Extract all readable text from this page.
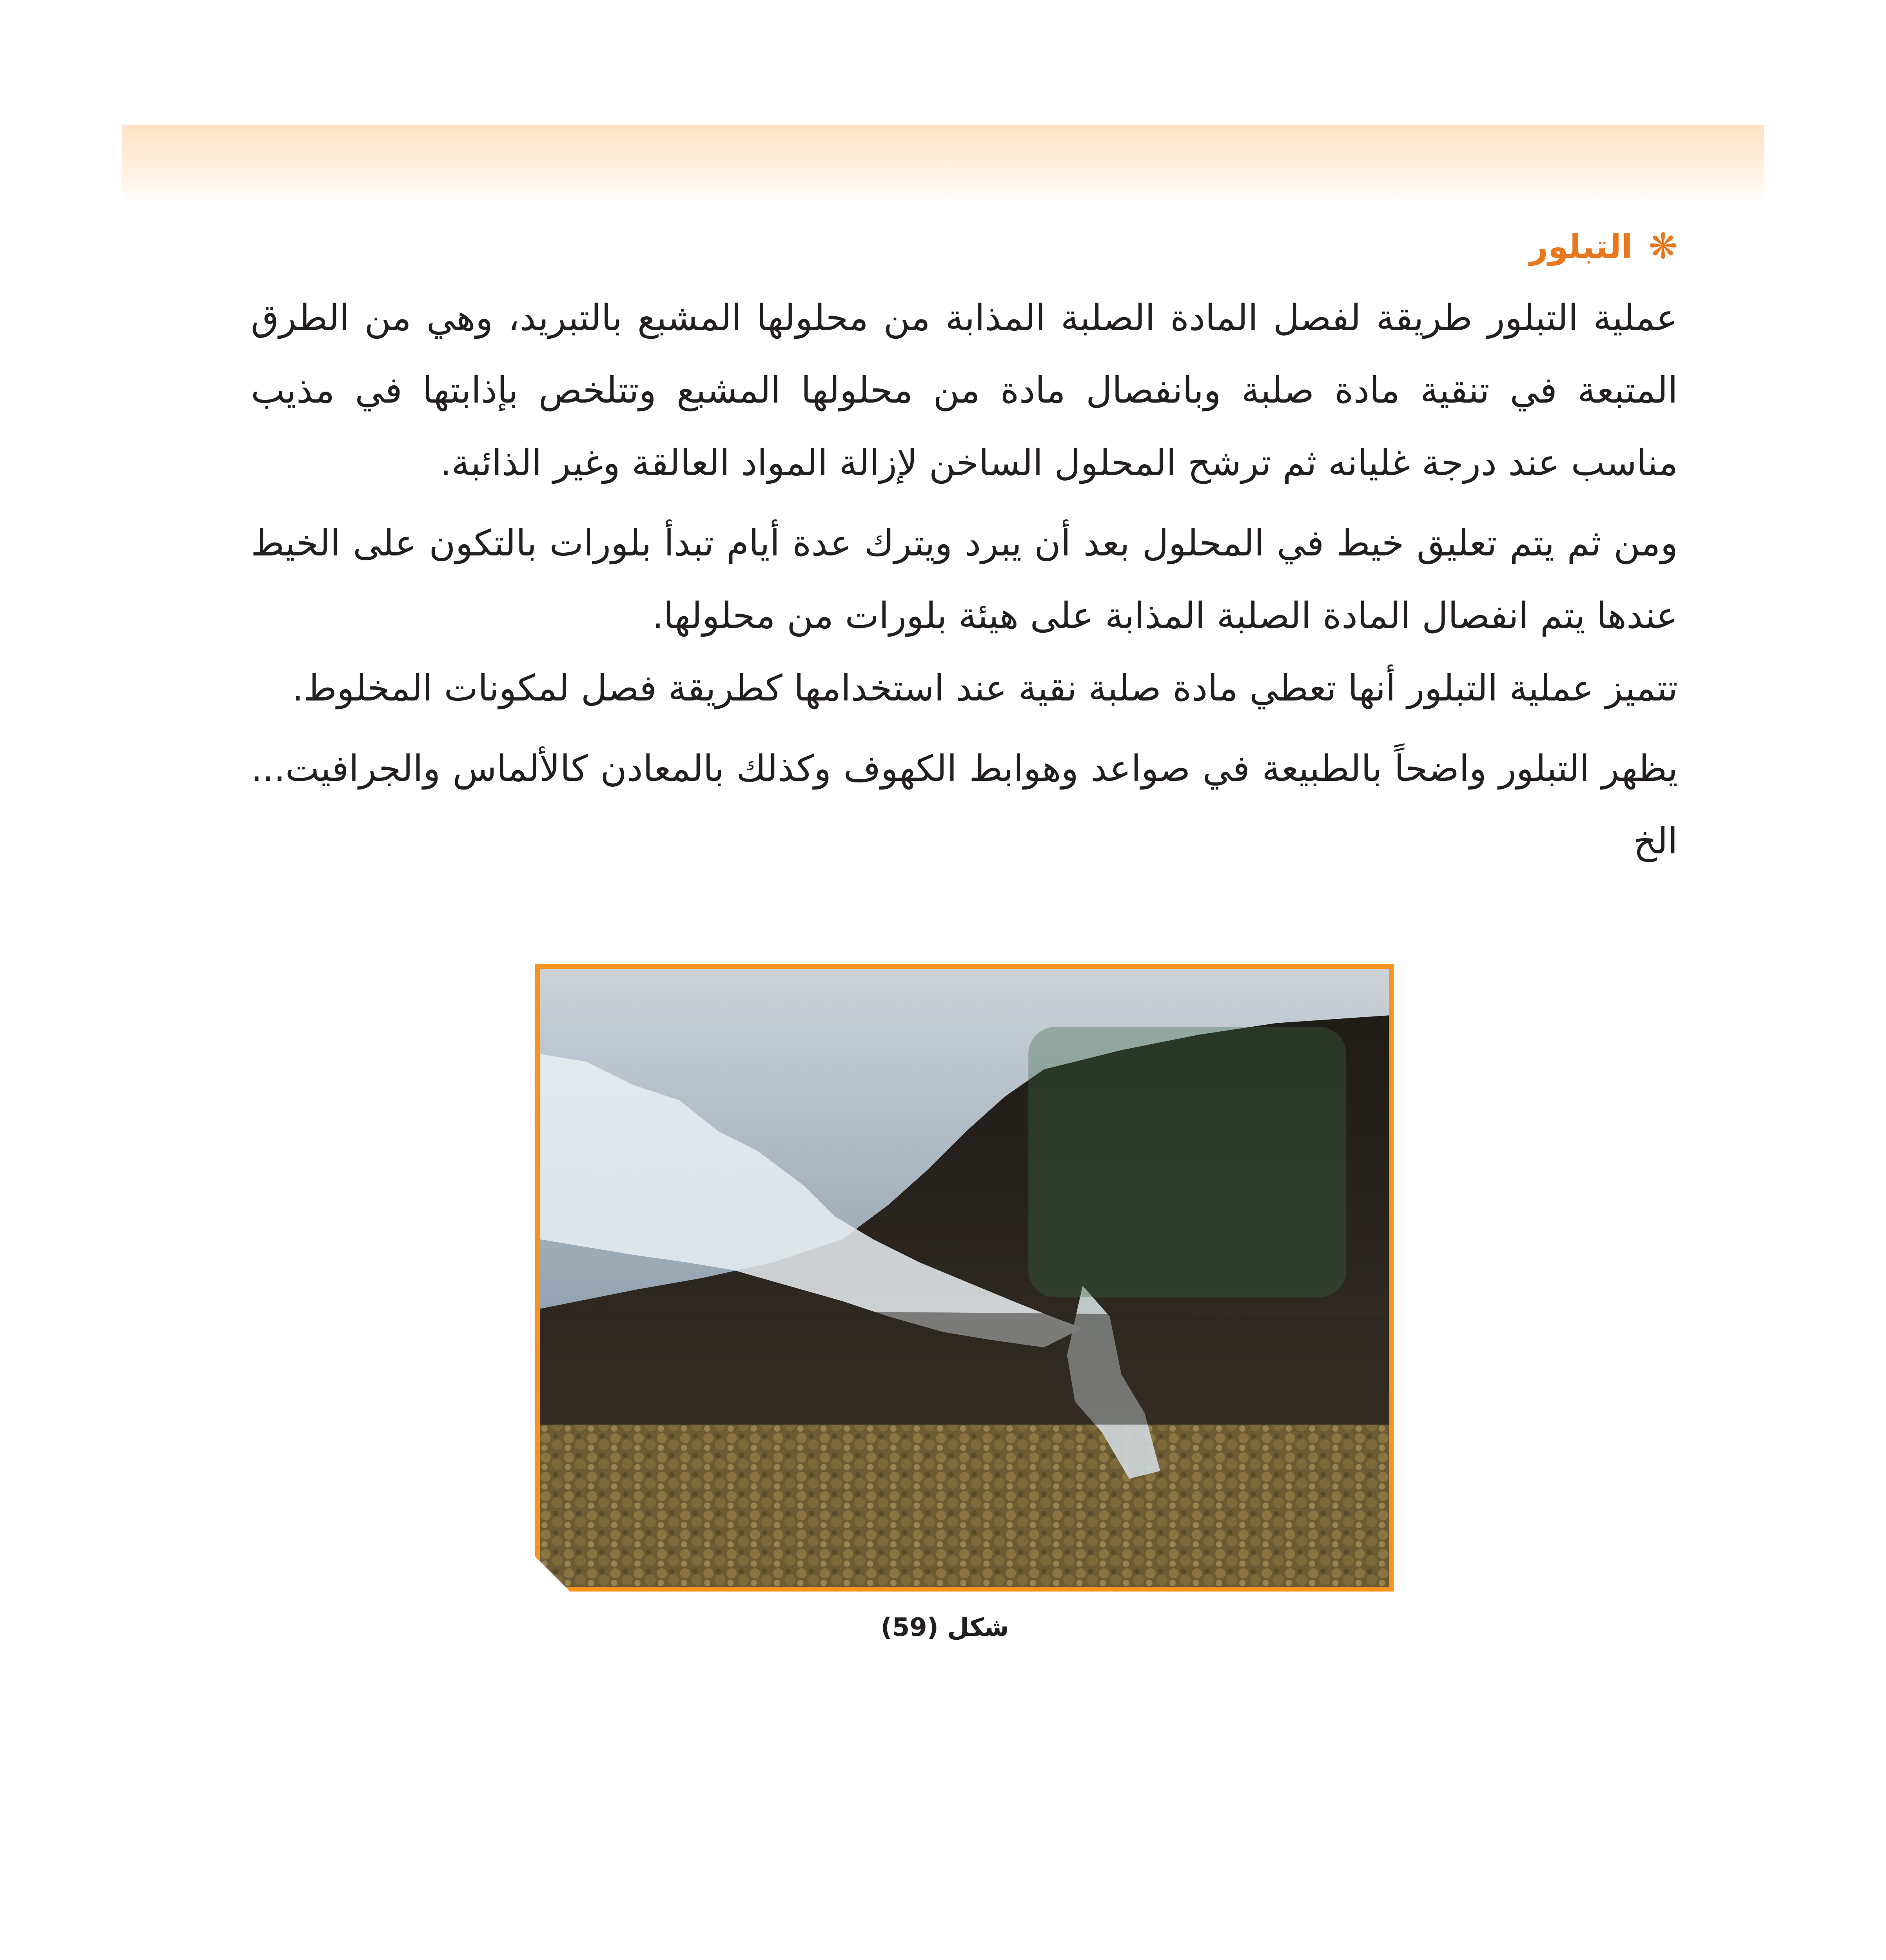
❋
التبلور

عملية التبلور طريقة لفصل المادة الصلبة المذابة من محلولها المشبع بالتبريد، وهي من الطرق المتبعة في تنقية مادة صلبة وبانفصال مادة من محلولها المشبع وتتلخص بإذابتها في مذيب مناسب عند درجة غليانه ثم ترشح المحلول الساخن لإزالة المواد العالقة وغير الذائبة.

ومن ثم يتم تعليق خيط في المحلول بعد أن يبرد ويترك عدة أيام تبدأ بلورات بالتكون على الخيط عندها يتم انفصال المادة الصلبة المذابة على هيئة بلورات من محلولها.

تتميز عملية التبلور أنها تعطي مادة صلبة نقية عند استخدامها كطريقة فصل لمكونات المخلوط.

يظهر التبلور واضحاً بالطبيعة في صواعد وهوابط الكهوف وكذلك بالمعادن كالألماس والجرافيت... الخ

شكل (59)
